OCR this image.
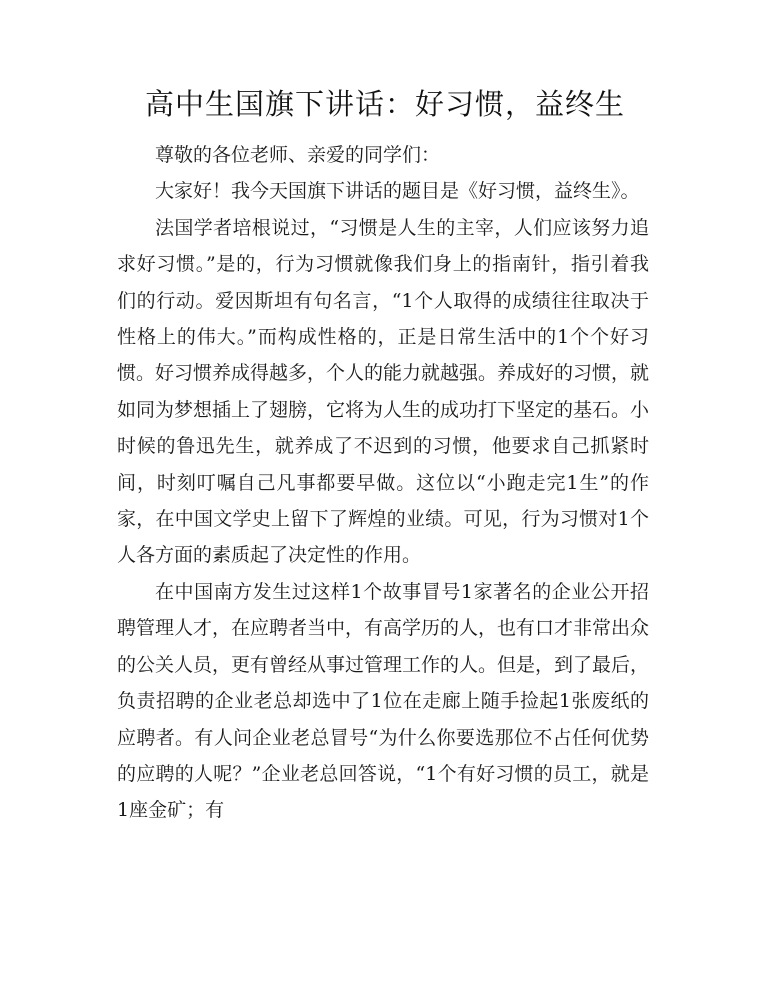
高中生国旗下讲话：好习惯，益终生

尊敬的各位老师、亲爱的同学们：

大家好！我今天国旗下讲话的题目是《好习惯，益终生》。

法国学者培根说过，“习惯是人生的主宰，人们应该努力追求好习惯。”是的，行为习惯就像我们身上的指南针，指引着我们的行动。爱因斯坦有句名言，“1个人取得的成绩往往取决于性格上的伟大。”而构成性格的，正是日常生活中的1个个好习惯。好习惯养成得越多，个人的能力就越强。养成好的习惯，就如同为梦想插上了翅膀，它将为人生的成功打下坚定的基石。小时候的鲁迅先生，就养成了不迟到的习惯，他要求自己抓紧时间，时刻叮嘱自己凡事都要早做。这位以“小跑走完1生”的作家，在中国文学史上留下了辉煌的业绩。可见，行为习惯对1个人各方面的素质起了决定性的作用。

在中国南方发生过这样1个故事冒号1家著名的企业公开招聘管理人才，在应聘者当中，有高学历的人，也有口才非常出众的公关人员，更有曾经从事过管理工作的人。但是，到了最后，负责招聘的企业老总却选中了1位在走廊上随手捡起1张废纸的应聘者。有人问企业老总冒号“为什么你要选那位不占任何优势的应聘的人呢？”企业老总回答说，“1个有好习惯的员工，就是1座金矿；有
